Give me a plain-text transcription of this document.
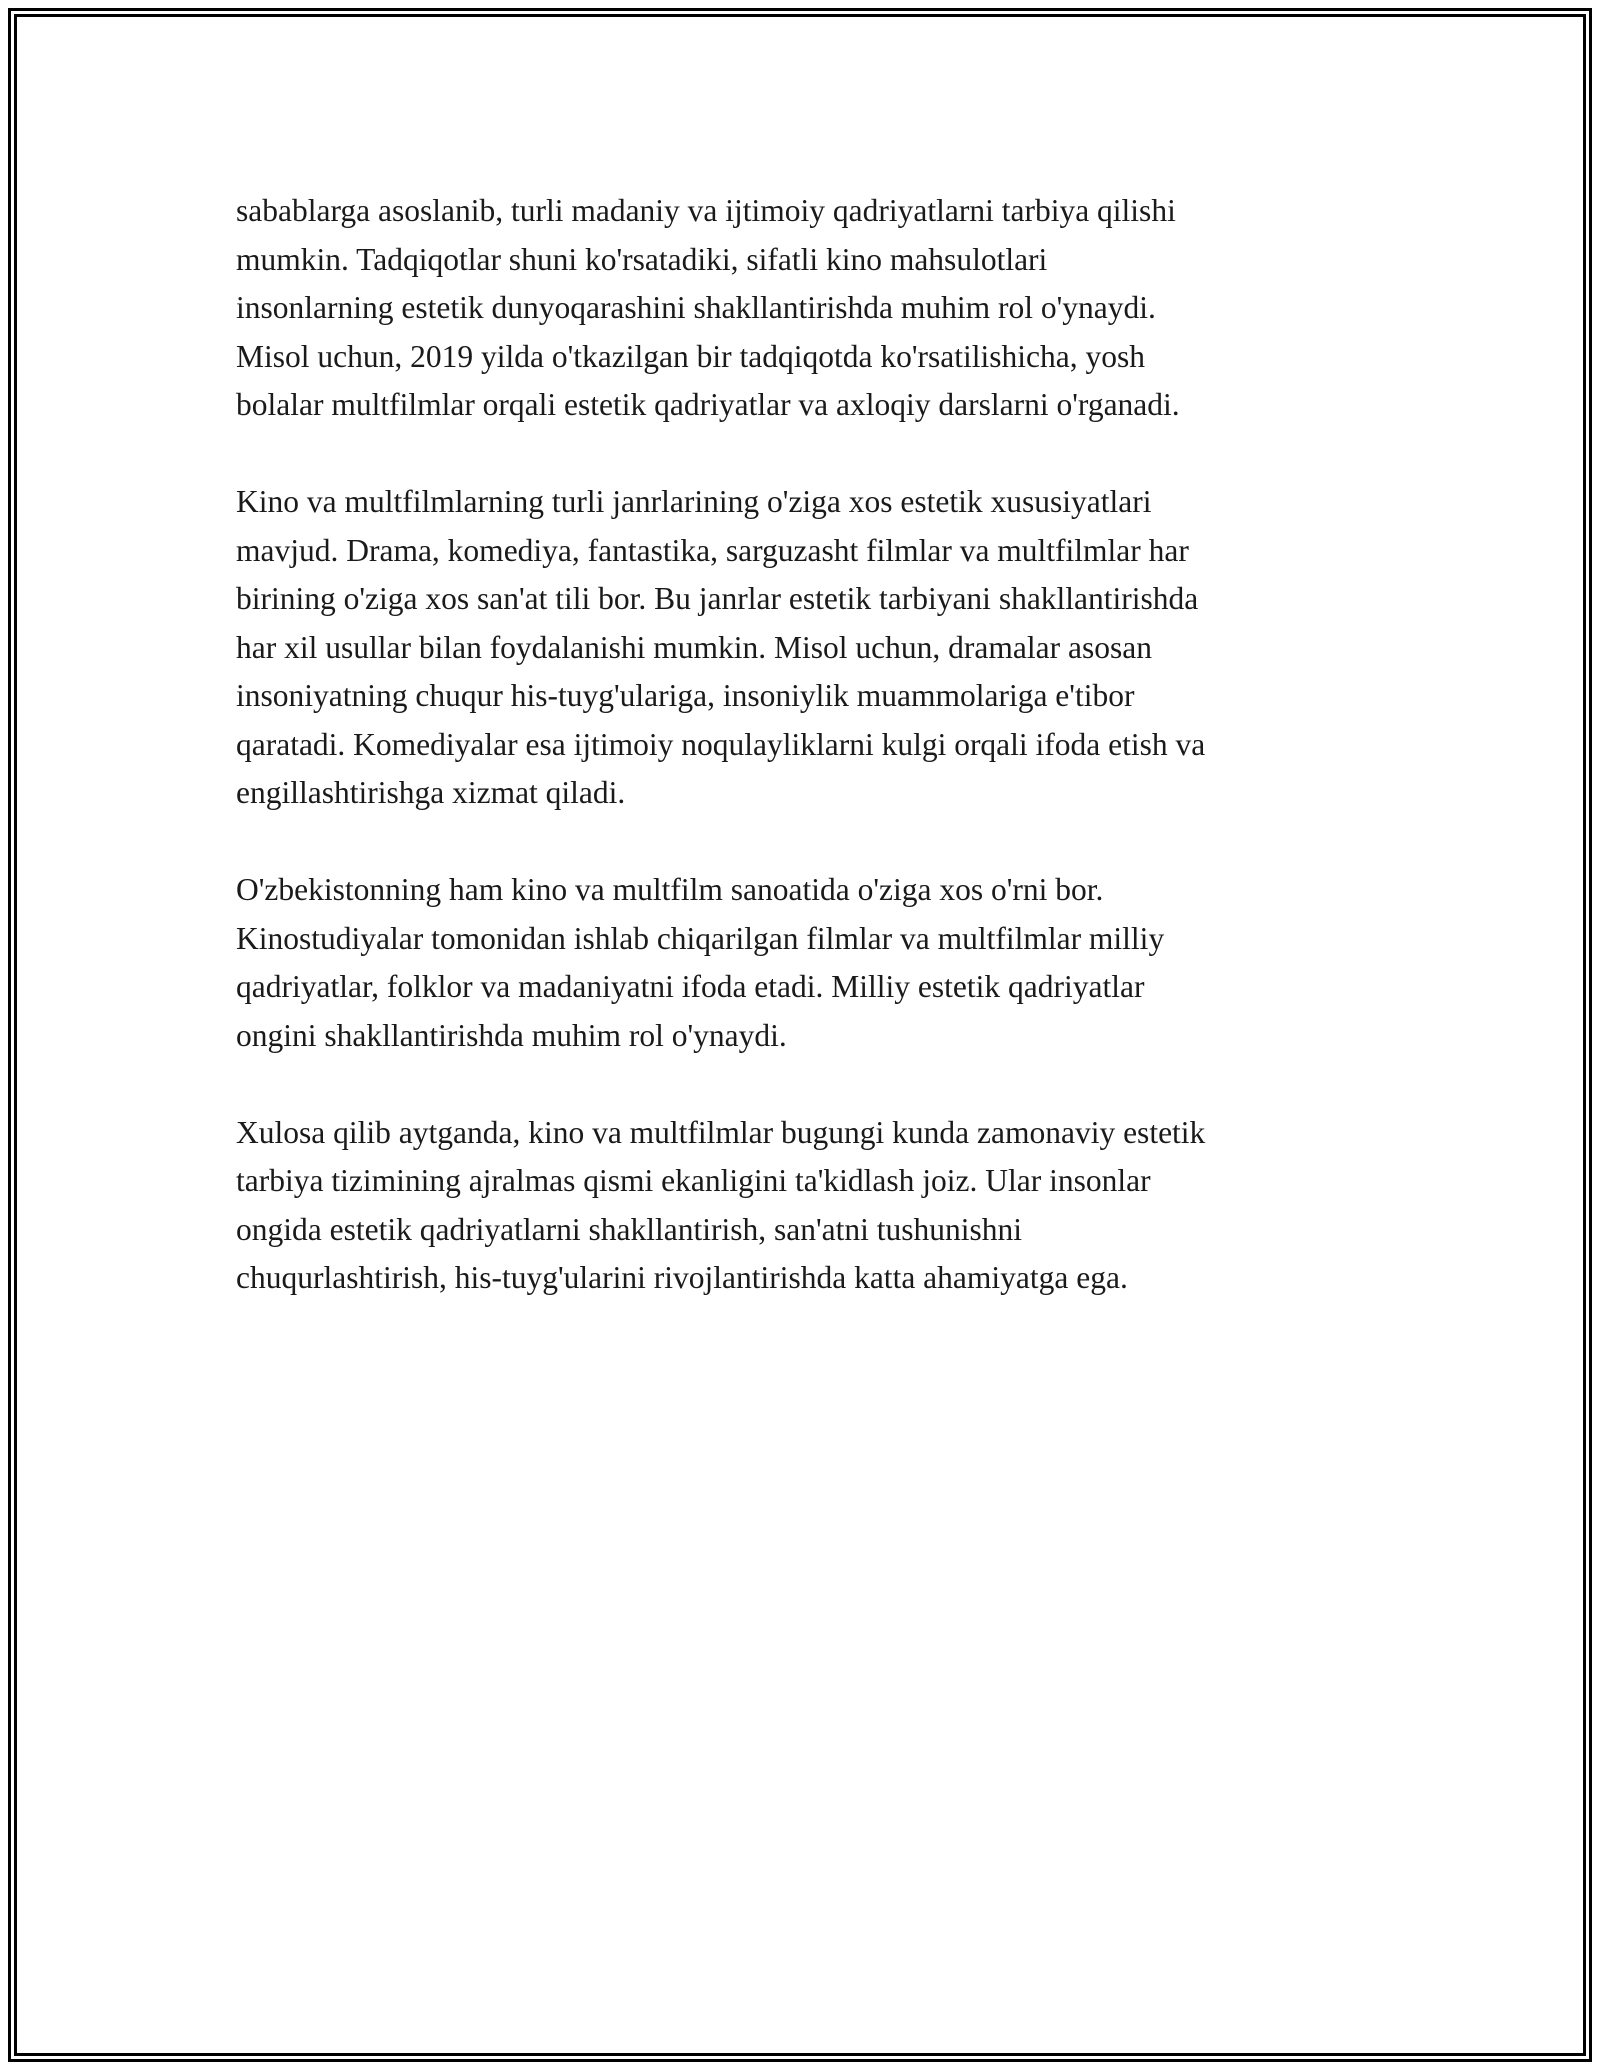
sabablarga asoslanib, turli madaniy va ijtimoiy qadriyatlarni tarbiya qilishi
mumkin. Tadqiqotlar shuni ko'rsatadiki, sifatli kino mahsulotlari
insonlarning estetik dunyoqarashini shakllantirishda muhim rol o'ynaydi.
Misol uchun, 2019 yilda o'tkazilgan bir tadqiqotda ko'rsatilishicha, yosh
bolalar multfilmlar orqali estetik qadriyatlar va axloqiy darslarni o'rganadi.

Kino va multfilmlarning turli janrlarining o'ziga xos estetik xususiyatlari
mavjud. Drama, komediya, fantastika, sarguzasht filmlar va multfilmlar har
birining o'ziga xos san'at tili bor. Bu janrlar estetik tarbiyani shakllantirishda
har xil usullar bilan foydalanishi mumkin. Misol uchun, dramalar asosan
insoniyatning chuqur his-tuyg'ulariga, insoniylik muammolariga e'tibor
qaratadi. Komediyalar esa ijtimoiy noqulayliklarni kulgi orqali ifoda etish va
engillashtirishga xizmat qiladi.

O'zbekistonning ham kino va multfilm sanoatida o'ziga xos o'rni bor.
Kinostudiyalar tomonidan ishlab chiqarilgan filmlar va multfilmlar milliy
qadriyatlar, folklor va madaniyatni ifoda etadi. Milliy estetik qadriyatlar
ongini shakllantirishda muhim rol o'ynaydi.

Xulosa qilib aytganda, kino va multfilmlar bugungi kunda zamonaviy estetik
tarbiya tizimining ajralmas qismi ekanligini ta'kidlash joiz. Ular insonlar
ongida estetik qadriyatlarni shakllantirish, san'atni tushunishni
chuqurlashtirish, his-tuyg'ularini rivojlantirishda katta ahamiyatga ega.
